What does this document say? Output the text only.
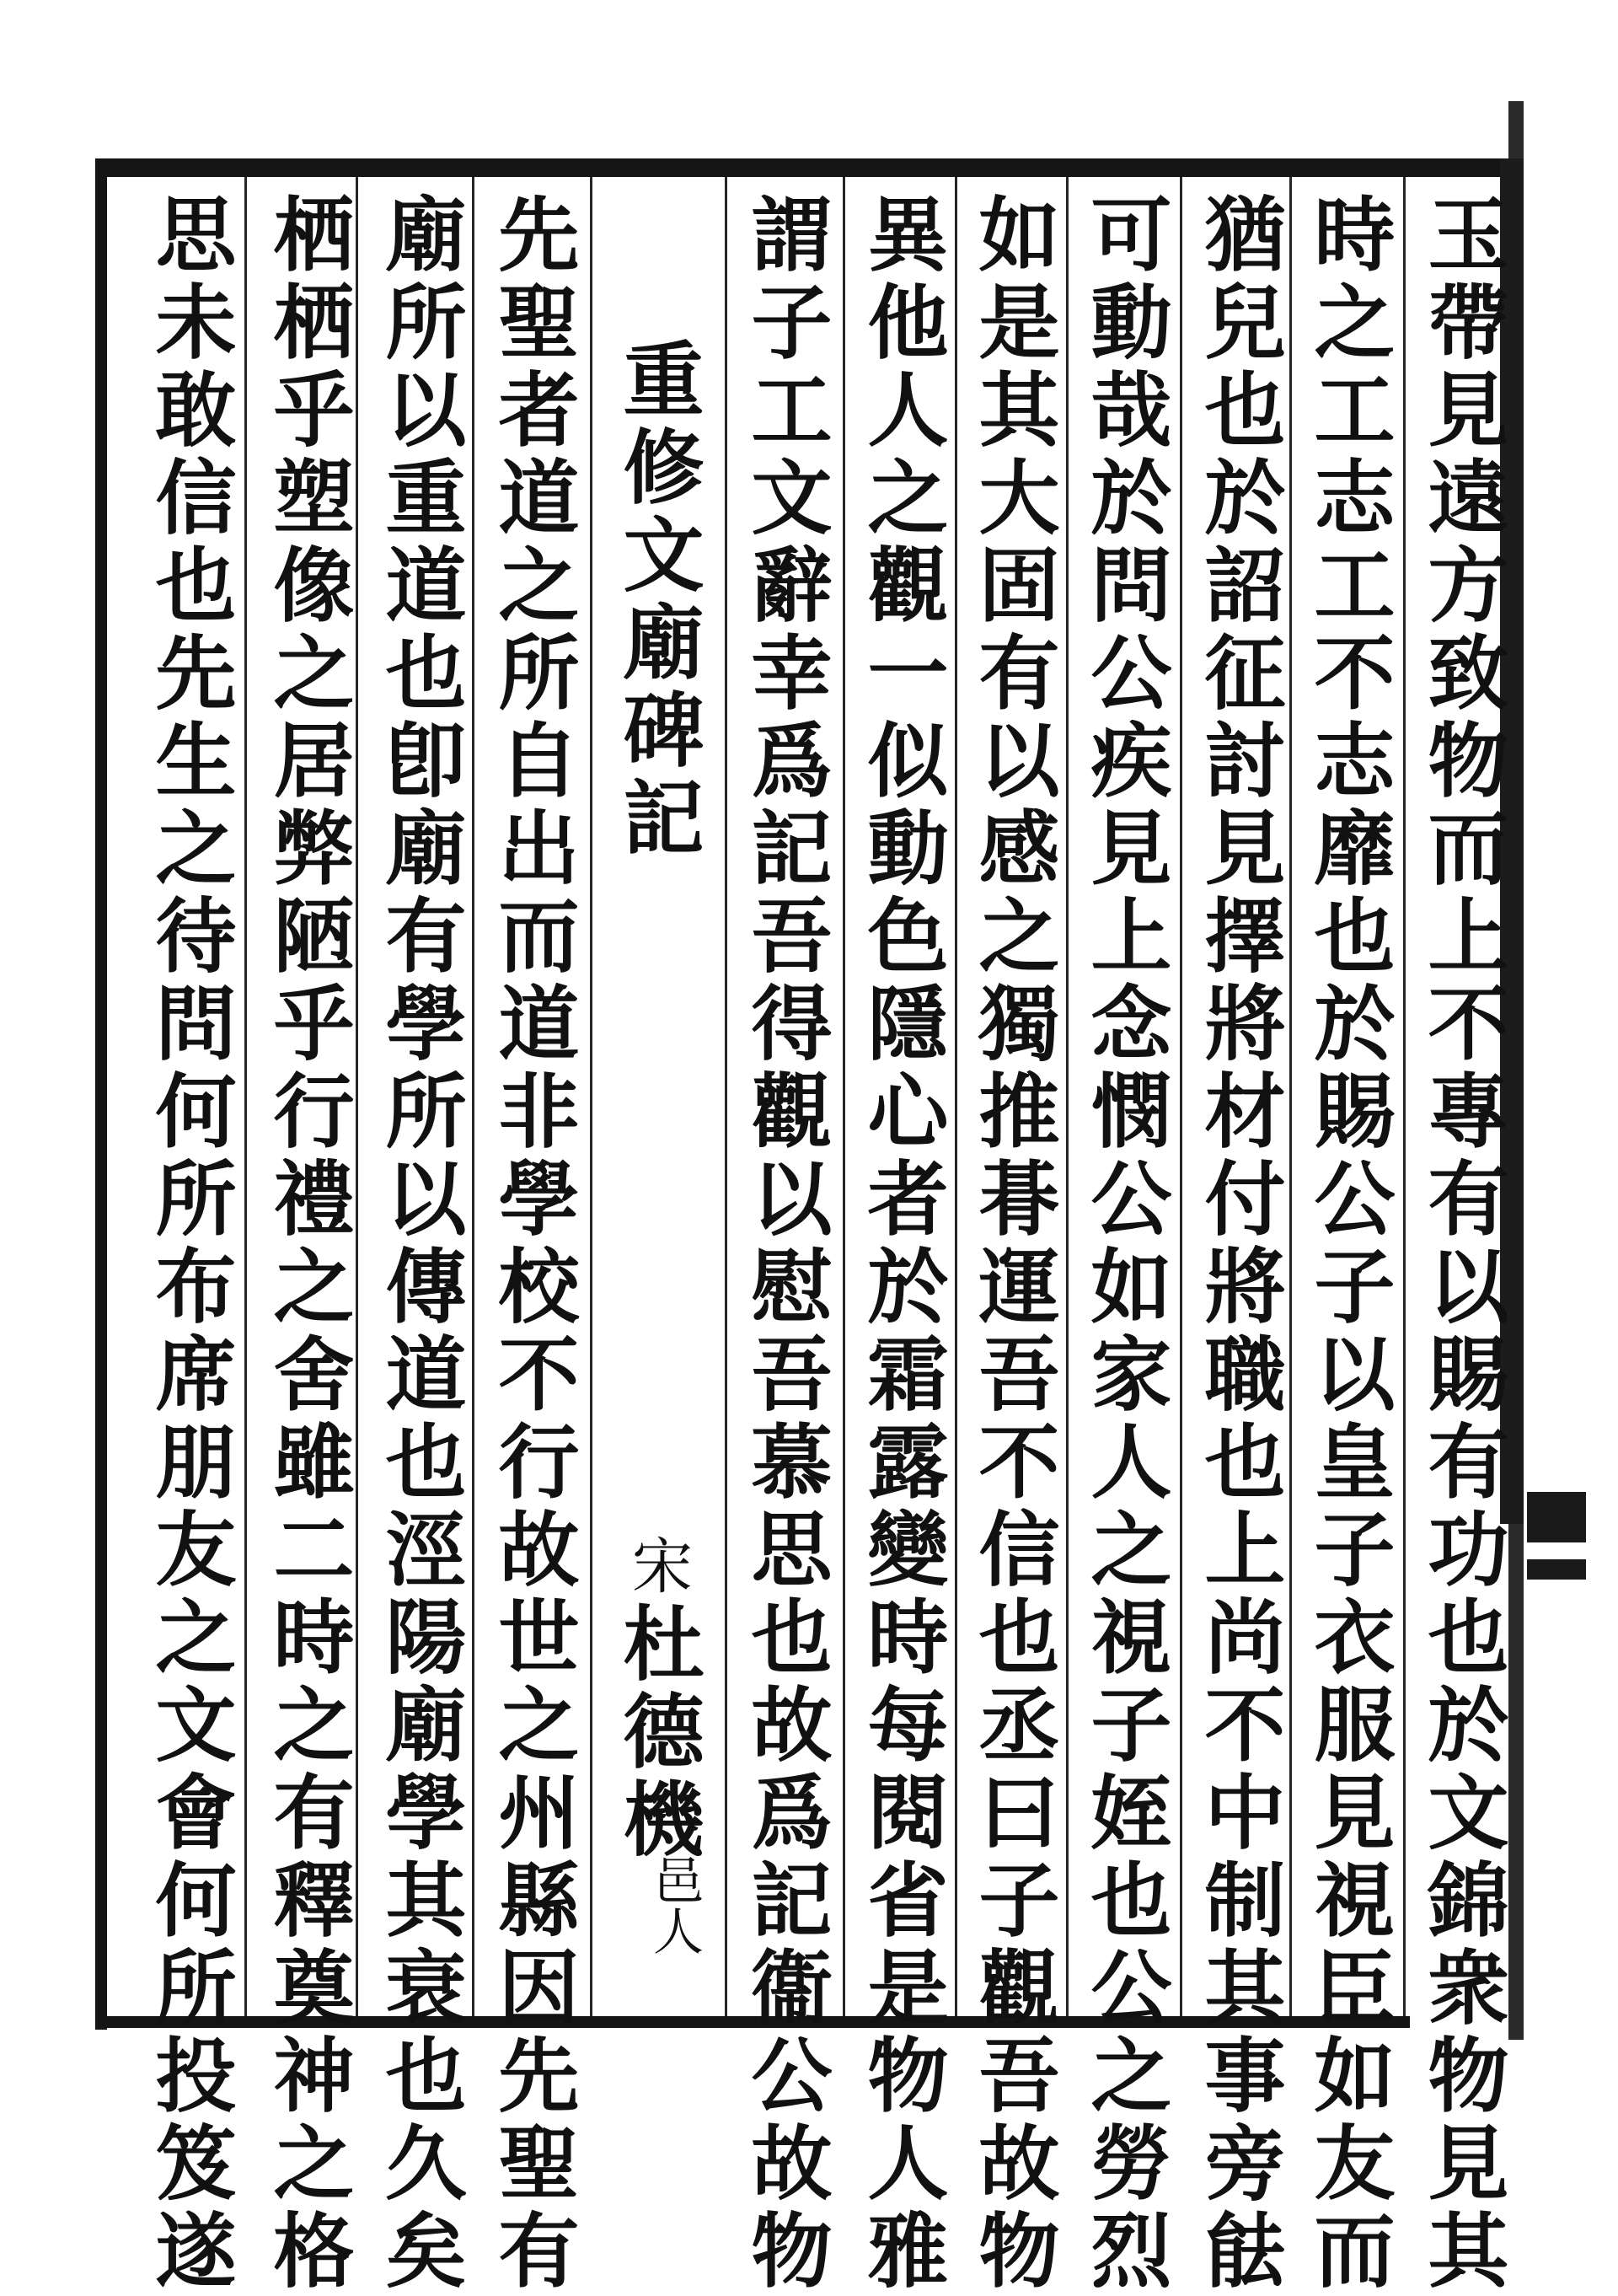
玉帶見遠方致物而上不專有以賜有功也於文錦衆物見其
時之工志工不志靡也於賜公子以皇子衣服見視臣如友而
猶兒也於詔征討見擇將材付將職也上尚不中制其事旁䏻
可動哉於問公疾見上念憫公如家人之視子姪也公之勞烈
如是其大固有以感之獨推朞運吾不信也丞曰子觀吾故物
異他人之觀一似動色隱心者於霜露變時每閱省是物人雅
謂子工文辭幸爲記吾得觀以慰吾慕思也故爲記衞公故物
重修文廟碑記
宋杜德機
邑人
先聖者道之所自出而道非學校不行故世之州縣因先聖有
廟所以重道也卽廟有學所以傳道也涇陽廟學其衰也久矣
栖栖乎塑像之居弊陋乎行禮之舍雖二時之有釋奠神之格
思未敢信也先生之待問何所布席朋友之文會何所投笈遂
